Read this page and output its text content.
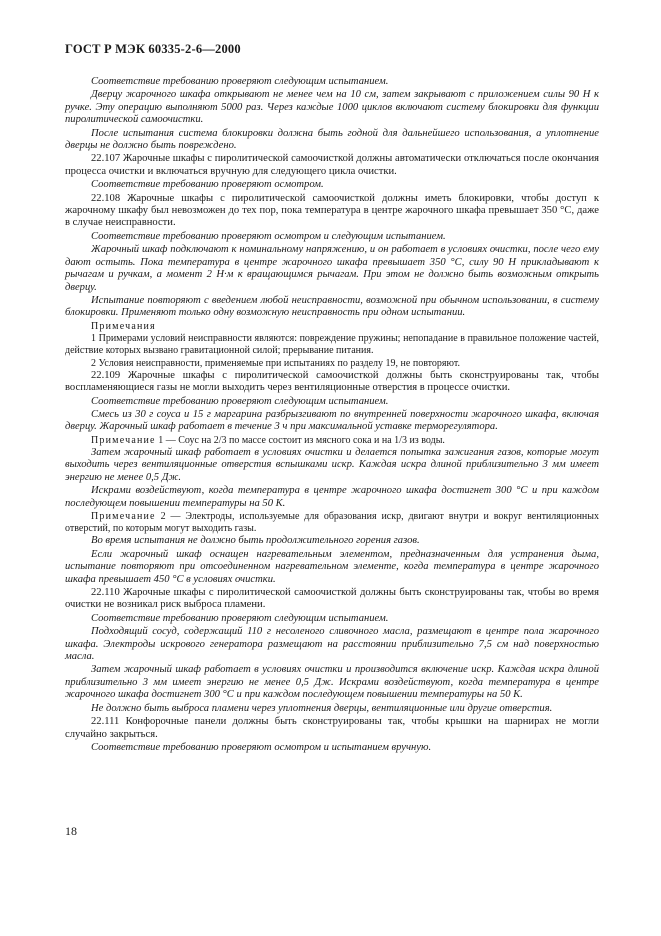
ГОСТ Р МЭК 60335-2-6—2000

Соответствие требованию проверяют следующим испытанием.

Дверцу жарочного шкафа открывают не менее чем на 10 см, затем закрывают с приложением силы 90 Н к ручке. Эту операцию выполняют 5000 раз. Через каждые 1000 циклов включают систему блокировки для функции пиролитической самоочистки.

После испытания система блокировки должна быть годной для дальнейшего использования, а уплотнение дверцы не должно быть повреждено.

22.107 Жарочные шкафы с пиролитической самоочисткой должны автоматически отключаться после окончания процесса очистки и включаться вручную для следующего цикла очистки.

Соответствие требованию проверяют осмотром.

22.108 Жарочные шкафы с пиролитической самоочисткой должны иметь блокировки, чтобы доступ к жарочному шкафу был невозможен до тех пор, пока температура в центре жарочного шкафа превышает 350 °С, даже в случае неисправности.

Соответствие требованию проверяют осмотром и следующим испытанием.

Жарочный шкаф подключают к номинальному напряжению, и он работает в условиях очистки, после чего ему дают остыть. Пока температура в центре жарочного шкафа превышает 350 °С, силу 90 Н прикладывают к рычагам и ручкам, а момент 2 Н·м к вращающимся рычагам. При этом не должно быть возможным открыть дверцу.

Испытание повторяют с введением любой неисправности, возможной при обычном использовании, в систему блокировки. Применяют только одну возможную неисправность при одном испытании.

Примечания

1 Примерами условий неисправности являются: повреждение пружины; непопадание в правильное положение частей, действие которых вызвано гравитационной силой; прерывание питания.

2 Условия неисправности, применяемые при испытаниях по разделу 19, не повторяют.

22.109 Жарочные шкафы с пиролитической самоочисткой должны быть сконструированы так, чтобы воспламеняющиеся газы не могли выходить через вентиляционные отверстия в процессе очистки.

Соответствие требованию проверяют следующим испытанием.

Смесь из 30 г соуса и 15 г маргарина разбрызгивают по внутренней поверхности жарочного шкафа, включая дверцу. Жарочный шкаф работает в течение 3 ч при максимальной уставке терморегулятора.

Примечание 1 — Соус на 2/3 по массе состоит из мясного сока и на 1/3 из воды.

Затем жарочный шкаф работает в условиях очистки и делается попытка зажигания газов, которые могут выходить через вентиляционные отверстия вспышками искр. Каждая искра длиной приблизительно 3 мм имеет энергию не менее 0,5 Дж.

Искрами воздействуют, когда температура в центре жарочного шкафа достигнет 300 °С и при каждом последующем повышении температуры на 50 К.

Примечание 2 — Электроды, используемые для образования искр, двигают внутри и вокруг вентиляционных отверстий, по которым могут выходить газы.

Во время испытания не должно быть продолжительного горения газов.

Если жарочный шкаф оснащен нагревательным элементом, предназначенным для устранения дыма, испытание повторяют при отсоединенном нагревательном элементе, когда температура в центре жарочного шкафа превышает 450 °С в условиях очистки.

22.110 Жарочные шкафы с пиролитической самоочисткой должны быть сконструированы так, чтобы во время очистки не возникал риск выброса пламени.

Соответствие требованию проверяют следующим испытанием.

Подходящий сосуд, содержащий 110 г несоленого сливочного масла, размещают в центре пола жарочного шкафа. Электроды искрового генератора размещают на расстоянии приблизительно 7,5 см над поверхностью масла.

Затем жарочный шкаф работает в условиях очистки и производится включение искр. Каждая искра длиной приблизительно 3 мм имеет энергию не менее 0,5 Дж. Искрами воздействуют, когда температура в центре жарочного шкафа достигнет 300 °С и при каждом последующем повышении температуры на 50 К.

Не должно быть выброса пламени через уплотнения дверцы, вентиляционные или другие отверстия.

22.111 Конфорочные панели должны быть сконструированы так, чтобы крышки на шарнирах не могли случайно закрыться.

Соответствие требованию проверяют осмотром и испытанием вручную.

18
